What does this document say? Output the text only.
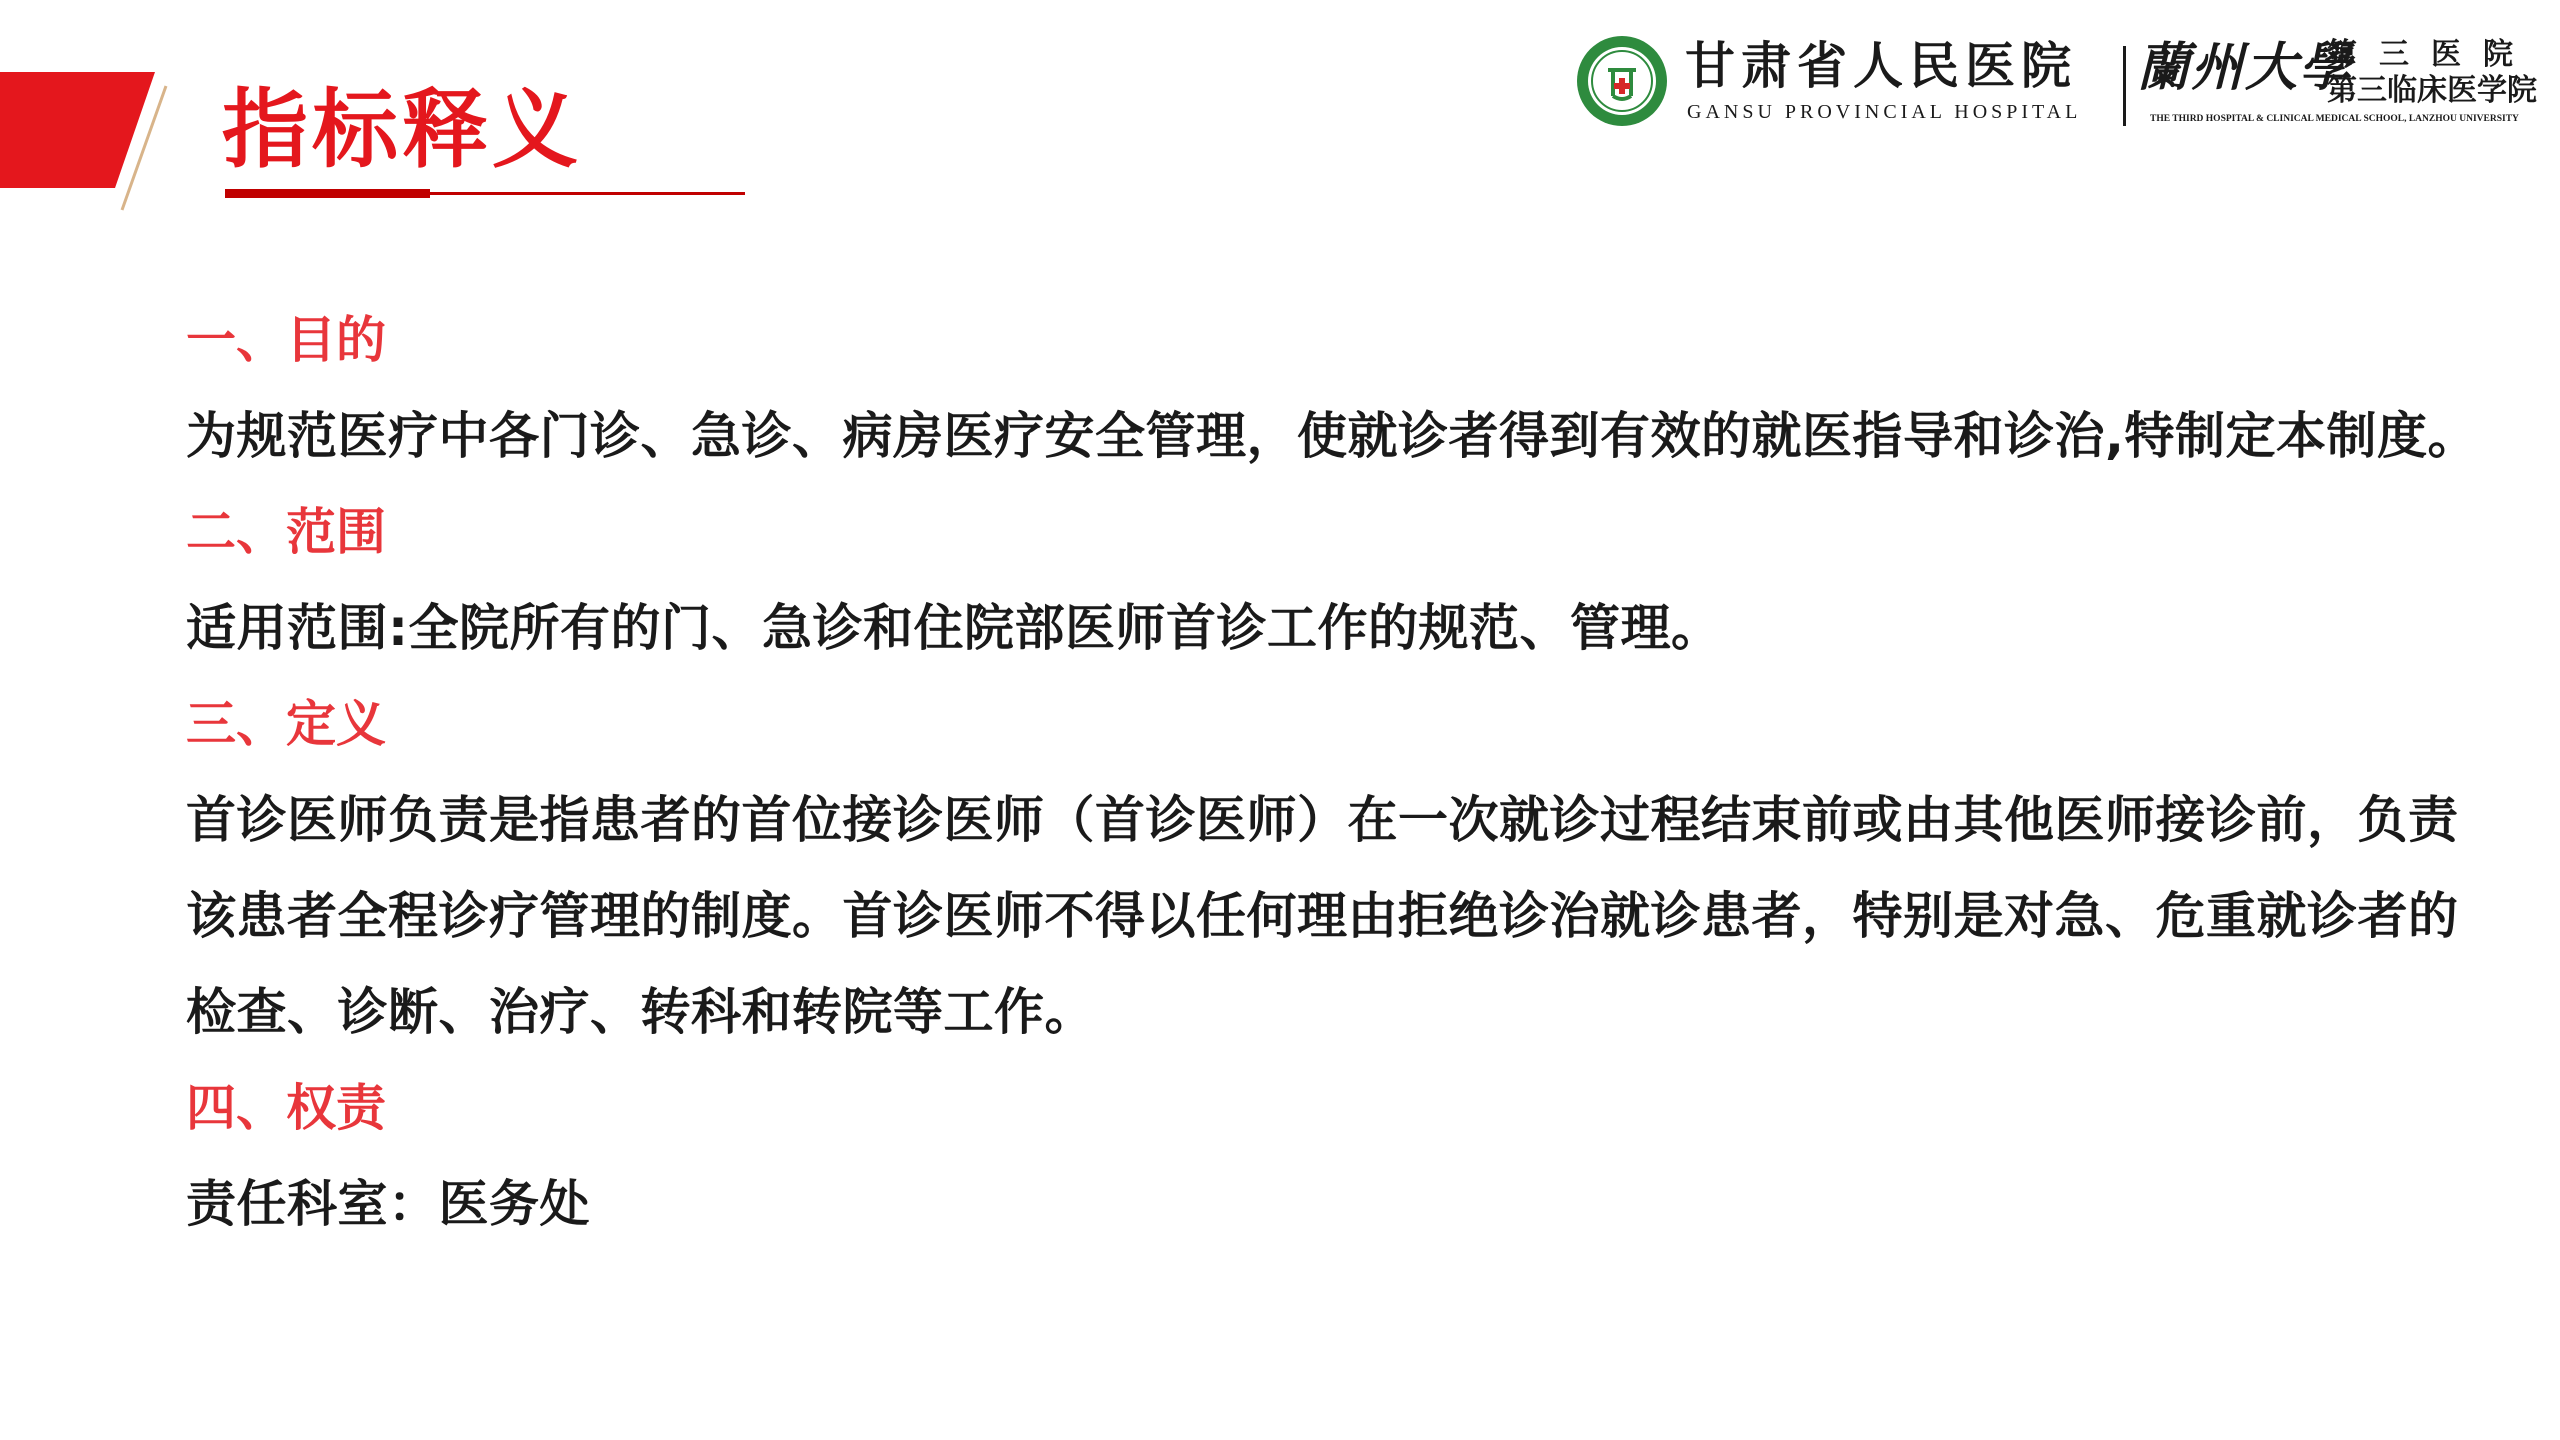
指标释义
甘肃省人民医院
GANSU PROVINCIAL HOSPITAL
蘭州大學
第三医院
第三临床医学院
THE THIRD HOSPITAL & CLINICAL MEDICAL SCHOOL, LANZHOU UNIVERSITY

一、目的

为规范医疗中各门诊、急诊、病房医疗安全管理，使就诊者得到有效的就医指导和诊治,特制定本制度。

二、范围

适用范围:全院所有的门、急诊和住院部医师首诊工作的规范、管理。

三、定义

首诊医师负责是指患者的首位接诊医师（首诊医师）在一次就诊过程结束前或由其他医师接诊前，负责该患者全程诊疗管理的制度。首诊医师不得以任何理由拒绝诊治就诊患者，特别是对急、危重就诊者的检查、诊断、治疗、转科和转院等工作。

四、权责

责任科室：医务处
